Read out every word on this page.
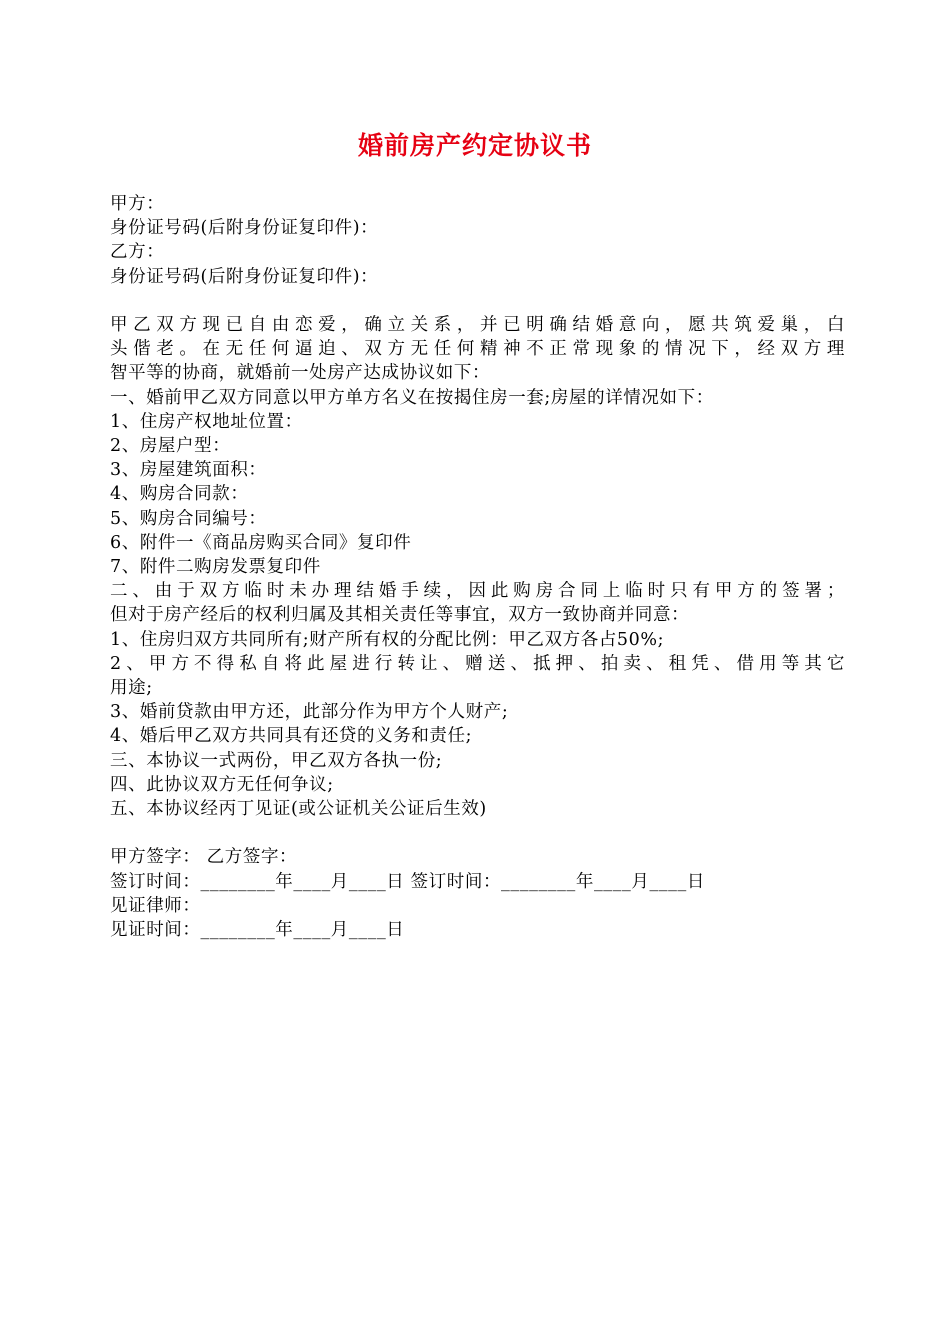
婚前房产约定协议书
甲方：
身份证号码(后附身份证复印件)：
乙方：
身份证号码(后附身份证复印件)：
甲乙双方现已自由恋爱，确立关系，并已明确结婚意向，愿共筑爱巢，白
头偕老。在无任何逼迫、双方无任何精神不正常现象的情况下，经双方理
智平等的协商，就婚前一处房产达成协议如下：
一、婚前甲乙双方同意以甲方单方名义在按揭住房一套;房屋的详情况如下：
1、住房产权地址位置：
2、房屋户型：
3、房屋建筑面积：
4、购房合同款：
5、购房合同编号：
6、附件一《商品房购买合同》复印件
7、附件二购房发票复印件
二、由于双方临时未办理结婚手续，因此购房合同上临时只有甲方的签署；
但对于房产经后的权利归属及其相关责任等事宜，双方一致协商并同意：
1、住房归双方共同所有;财产所有权的分配比例：甲乙双方各占50%;
2、甲方不得私自将此屋进行转让、赠送、抵押、拍卖、租凭、借用等其它
用途;
3、婚前贷款由甲方还，此部分作为甲方个人财产;
4、婚后甲乙双方共同具有还贷的义务和责任;
三、本协议一式两份，甲乙双方各执一份;
四、此协议双方无任何争议;
五、本协议经丙丁见证(或公证机关公证后生效)
甲方签字： 乙方签字：
签订时间：________年____月____日 签订时间：________年____月____日
见证律师：
见证时间：________年____月____日
